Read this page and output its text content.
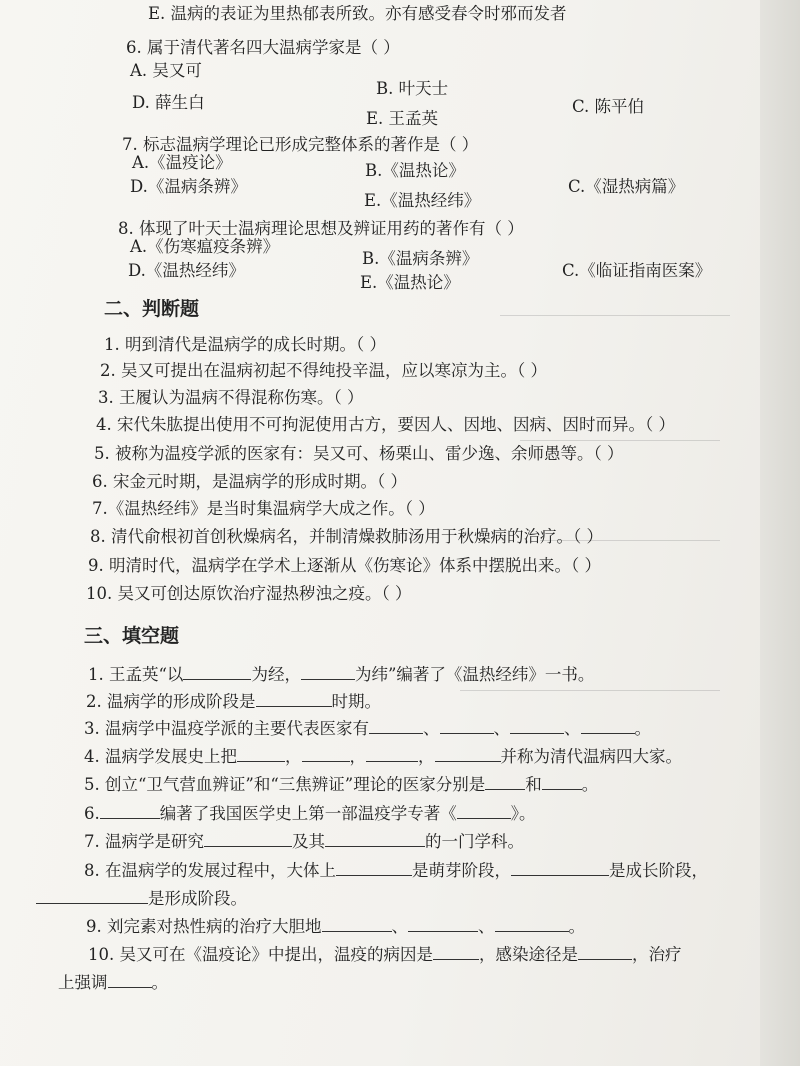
E. 温病的表证为里热郁表所致。亦有感受春令时邪而发者
6. 属于清代著名四大温病学家是（ ）
A. 吴又可
B. 叶天士
D. 薛生白
E. 王孟英
C. 陈平伯
7. 标志温病学理论已形成完整体系的著作是（ ）
A.《温疫论》	B.《温热论》
D.《温病条辨》
E.《温热经纬》
C.《湿热病篇》
8. 体现了叶天士温病理论思想及辨证用药的著作有（ ）
A.《伤寒瘟疫条辨》
B.《温病条辨》
D.《温热经纬》	C.《临证指南医案》
E.《温热论》
二、判断题
1. 明到清代是温病学的成长时期。（ ）
2. 吴又可提出在温病初起不得纯投辛温，应以寒凉为主。（ ）
3. 王履认为温病不得混称伤寒。（ ）
4. 宋代朱肱提出使用不可拘泥使用古方，要因人、因地、因病、因时而异。（ ）
5. 被称为温疫学派的医家有：吴又可、杨栗山、雷少逸、余师愚等。（ ）
6. 宋金元时期，是温病学的形成时期。（ ）
7.《温热经纬》是当时集温病学大成之作。（ ）
8. 清代俞根初首创秋燥病名，并制清燥救肺汤用于秋燥病的治疗。（ ）
9. 明清时代，温病学在学术上逐渐从《伤寒论》体系中摆脱出来。（ ）
10. 吴又可创达原饮治疗湿热秽浊之疫。（ ）
三、填空题
1. 王孟英“以	为经，	为纬”编著了《温热经纬》一书。
2. 温病学的形成阶段是	时期。
3. 温病学中温疫学派的主要代表医家有	、	、	、	。
4. 温病学发展史上把	，	，	，	并称为清代温病四大家。
5. 创立“卫气营血辨证”和“三焦辨证”理论的医家分别是 和 。
6.	编著了我国医学史上第一部温疫学专著《	》。
7. 温病学是研究	及其	的一门学科。
8. 在温病学的发展过程中，大体上	是萌芽阶段，	是成长阶段，
是形成阶段。
9. 刘完素对热性病的治疗大胆地	、	、	。
10. 吴又可在《温疫论》中提出，温疫的病因是	，感染途径是	，治疗
上强调	。
